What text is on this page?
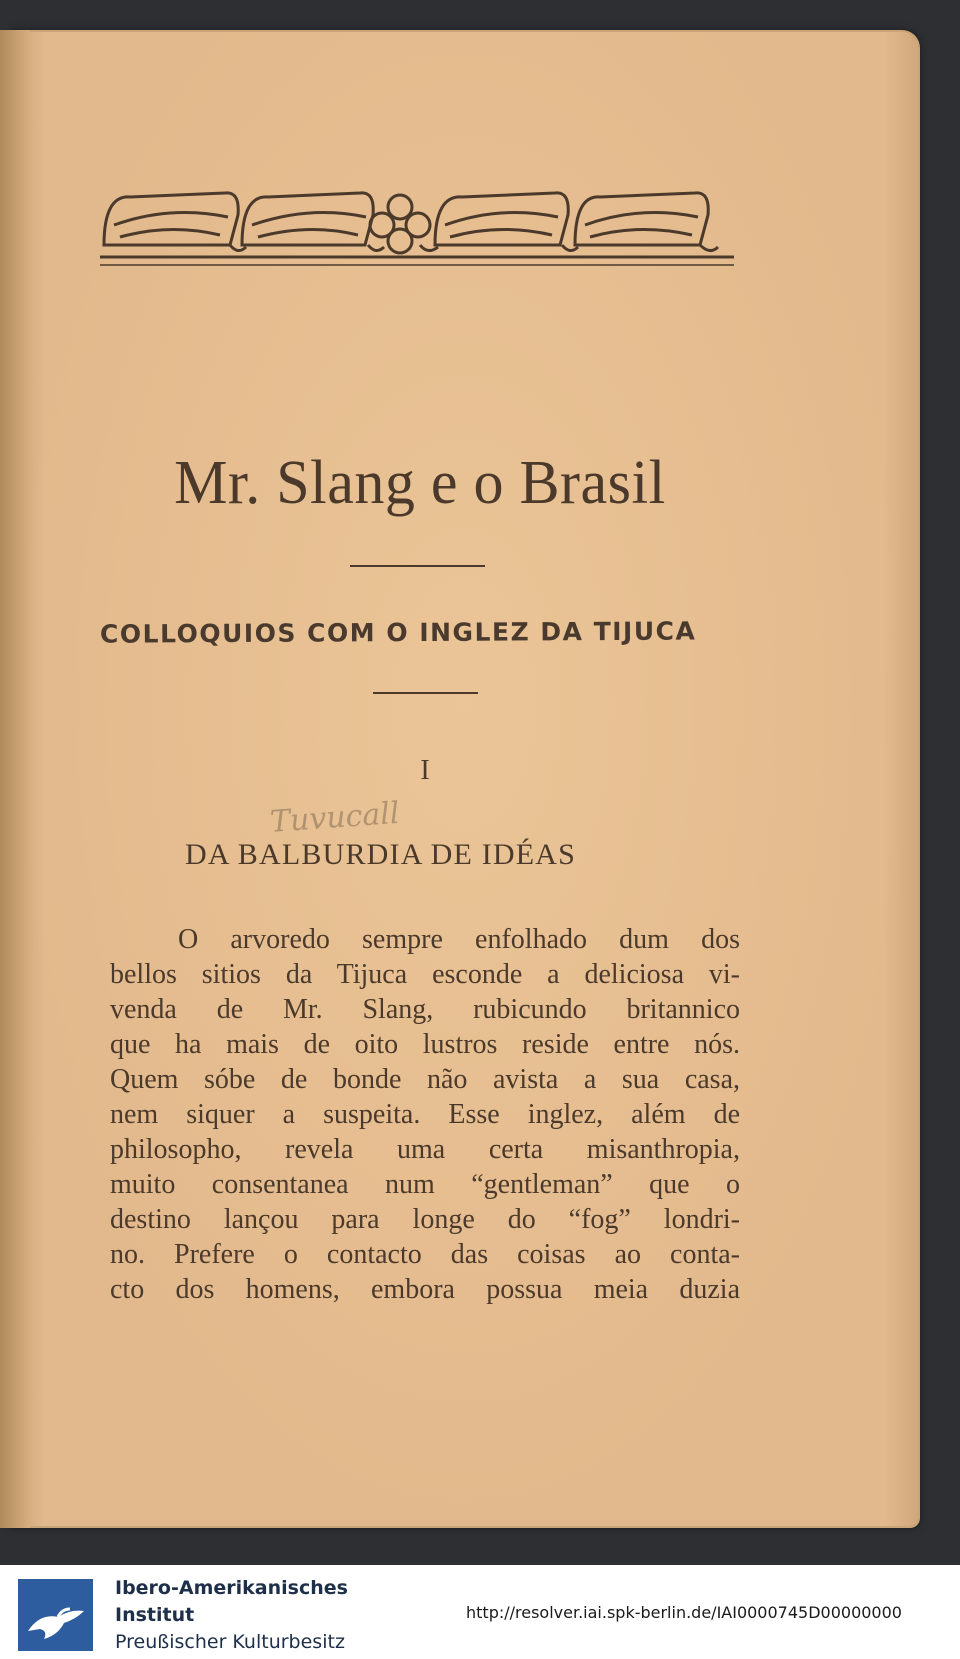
Mr. Slang e o Brasil
COLLOQUIOS COM O INGLEZ DA TIJUCA
I
Tuvucall
DA BALBURDIA DE IDÉAS
O arvoredo sempre enfolhado dum dos
bellos sitios da Tijuca esconde a deliciosa vi-
venda de Mr. Slang, rubicundo britannico
que ha mais de oito lustros reside entre nós.
Quem sóbe de bonde não avista a sua casa,
nem siquer a suspeita. Esse inglez, além de
philosopho, revela uma certa misanthropia,
muito consentanea num “gentleman” que o
destino lançou para longe do “fog” londri-
no. Prefere o contacto das coisas ao conta-
cto dos homens, embora possua meia duzia
Ibero-Amerikanisches
Institut
Preußischer Kulturbesitz
http://resolver.iai.spk-berlin.de/IAI0000745D00000000
